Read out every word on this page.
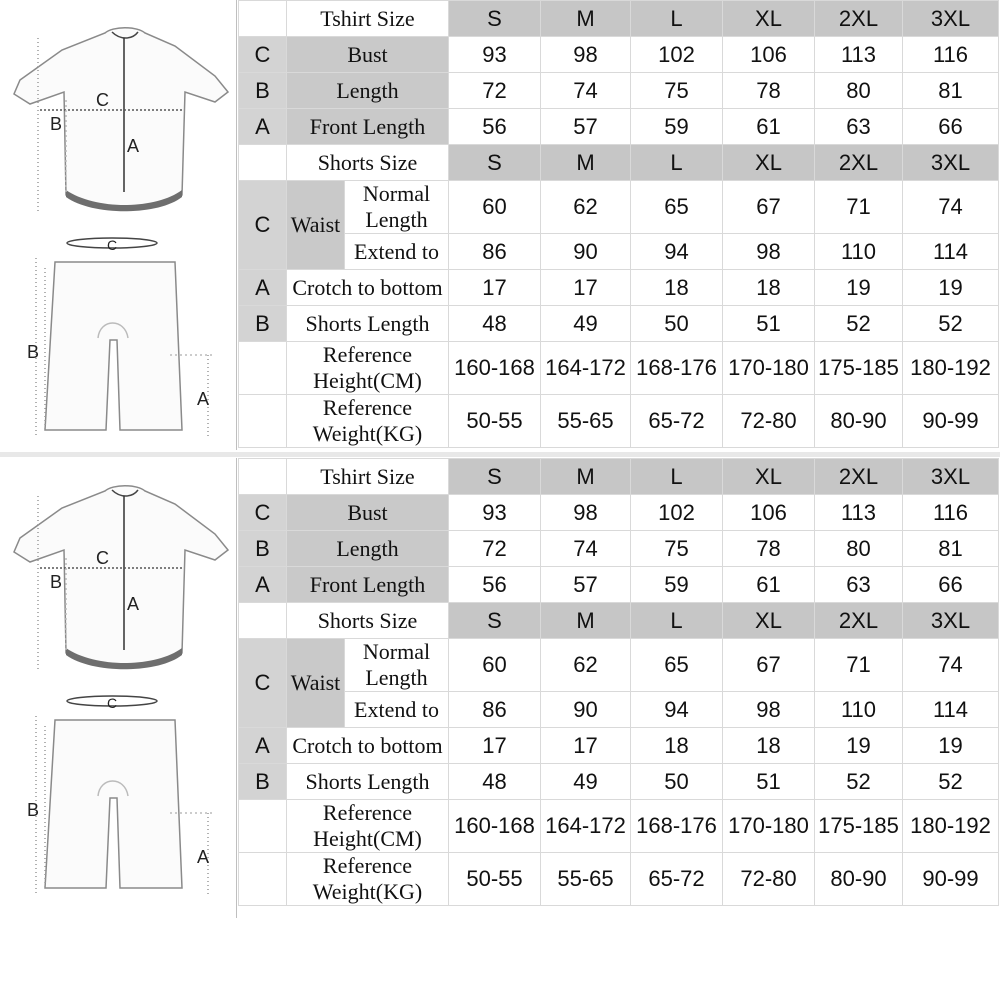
B
C
A
C
B
A
	Tshirt Size		S	M	L	XL	2XL	3XL
C	Bust		93	98	102	106	113	116
B	Length		72	74	75	78	80	81
A	Front Length		56	57	59	61	63	66
	Shorts Size		S	M	L	XL	2XL	3XL
C	Waist	Normal Length	60	62	65	67	71	74
		Extend to	86	90	94	98	110	114
A	Crotch to bottom		17	17	18	18	19	19
B	Shorts Length		48	49	50	51	52	52
	Reference Height(CM)		160-168	164-172	168-176	170-180	175-185	180-192
	Reference Weight(KG)		50-55	55-65	65-72	72-80	80-90	90-99
B
C
A
C
B
A
	Tshirt Size		S	M	L	XL	2XL	3XL
C	Bust		93	98	102	106	113	116
B	Length		72	74	75	78	80	81
A	Front Length		56	57	59	61	63	66
	Shorts Size		S	M	L	XL	2XL	3XL
C	Waist	Normal Length	60	62	65	67	71	74
		Extend to	86	90	94	98	110	114
A	Crotch to bottom		17	17	18	18	19	19
B	Shorts Length		48	49	50	51	52	52
	Reference Height(CM)		160-168	164-172	168-176	170-180	175-185	180-192
	Reference Weight(KG)		50-55	55-65	65-72	72-80	80-90	90-99
